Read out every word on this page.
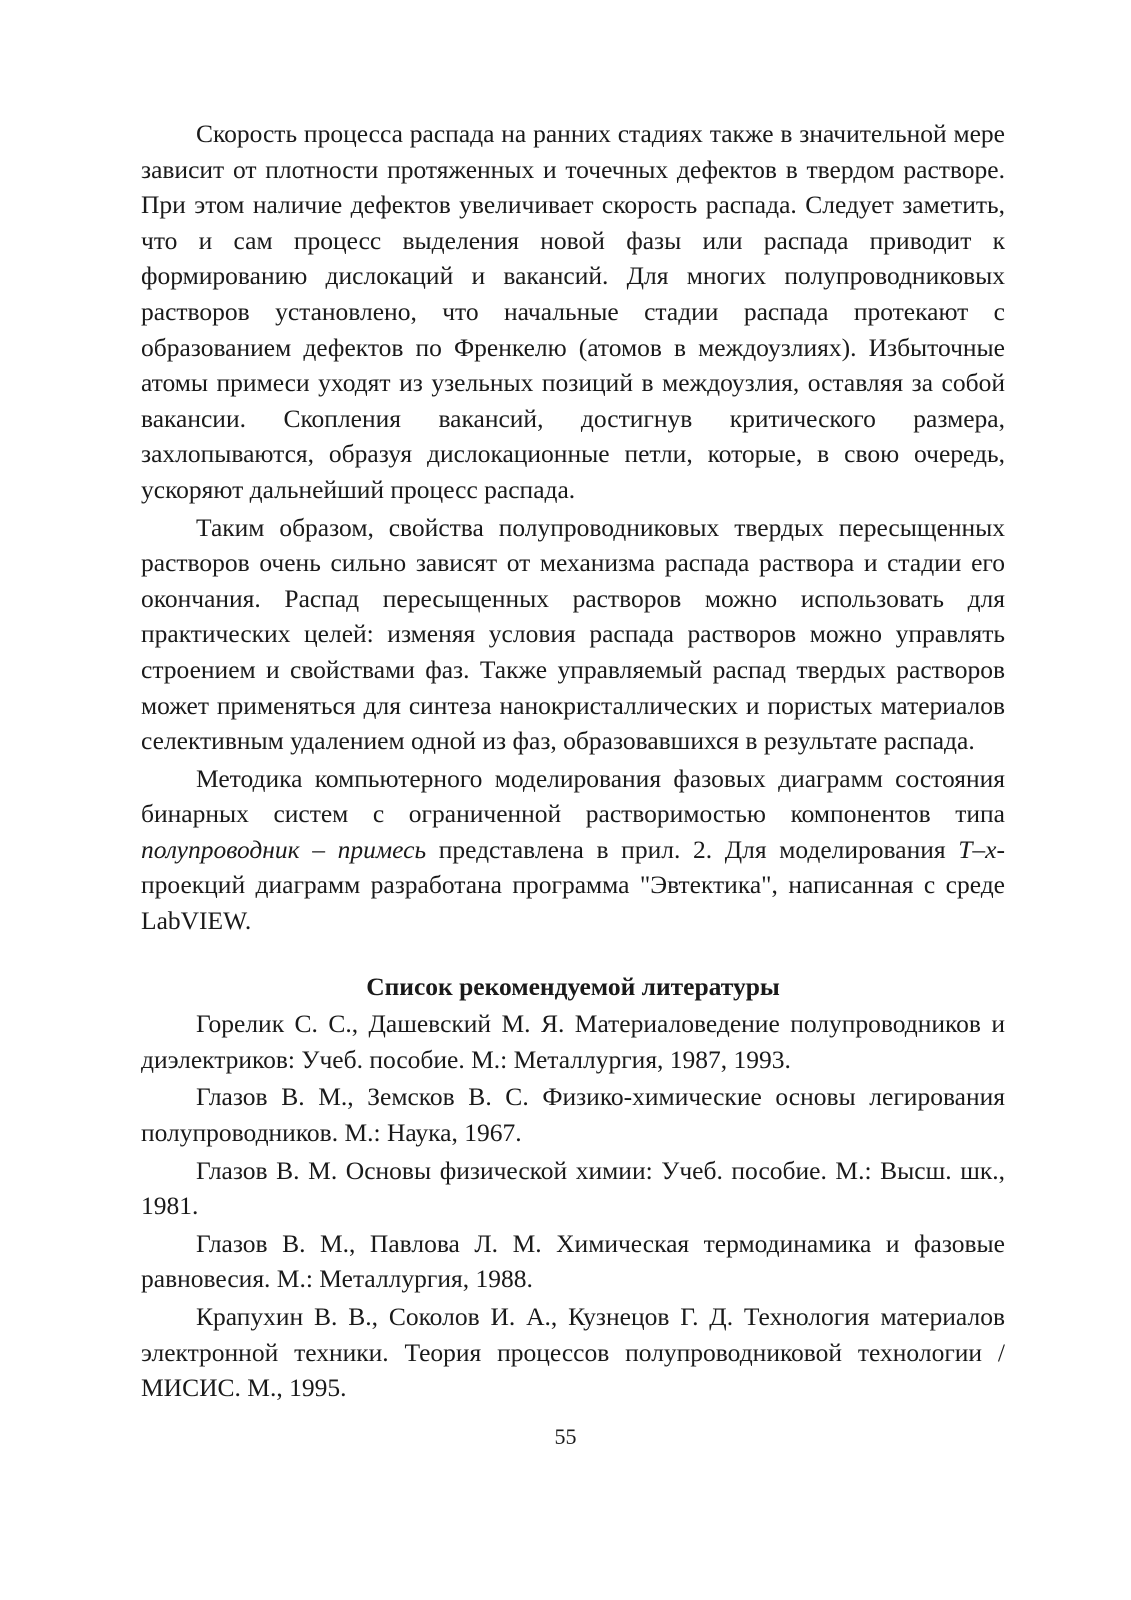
Скорость процесса распада на ранних стадиях также в значительной мере зависит от плотности протяженных и точечных дефектов в твердом растворе. При этом наличие дефектов увеличивает скорость распада. Следует заметить, что и сам процесс выделения новой фазы или распада приводит к формированию дислокаций и вакансий. Для многих полупроводниковых растворов установлено, что начальные стадии распада протекают с образованием дефектов по Френкелю (атомов в междоузлиях). Избыточные атомы примеси уходят из узельных позиций в междоузлия, оставляя за собой вакансии. Скопления вакансий, достигнув критического размера, захлопываются, образуя дислокационные петли, которые, в свою очередь, ускоряют дальнейший процесс распада.

Таким образом, свойства полупроводниковых твердых пересыщенных растворов очень сильно зависят от механизма распада раствора и стадии его окончания. Распад пересыщенных растворов можно использовать для практических целей: изменяя условия распада растворов можно управлять строением и свойствами фаз. Также управляемый распад твердых растворов может применяться для синтеза нанокристаллических и пористых материалов селективным удалением одной из фаз, образовавшихся в результате распада.

Методика компьютерного моделирования фазовых диаграмм состояния бинарных систем с ограниченной растворимостью компонентов типа полупроводник – примесь представлена в прил. 2. Для моделирования T–x-проекций диаграмм разработана программа "Эвтектика", написанная с среде LabVIEW.

Список рекомендуемой литературы

Горелик С. С., Дашевский М. Я. Материаловедение полупроводников и диэлектриков: Учеб. пособие. М.: Металлургия, 1987, 1993.

Глазов В. М., Земсков В. С. Физико-химические основы легирования полупроводников. М.: Наука, 1967.

Глазов В. М. Основы физической химии: Учеб. пособие. М.: Высш. шк., 1981.

Глазов В. М., Павлова Л. М. Химическая термодинамика и фазовые равновесия. М.: Металлургия, 1988.

Крапухин В. В., Соколов И. А., Кузнецов Г. Д. Технология материалов электронной техники. Теория процессов полупроводниковой технологии / МИСИС. М., 1995.

55
